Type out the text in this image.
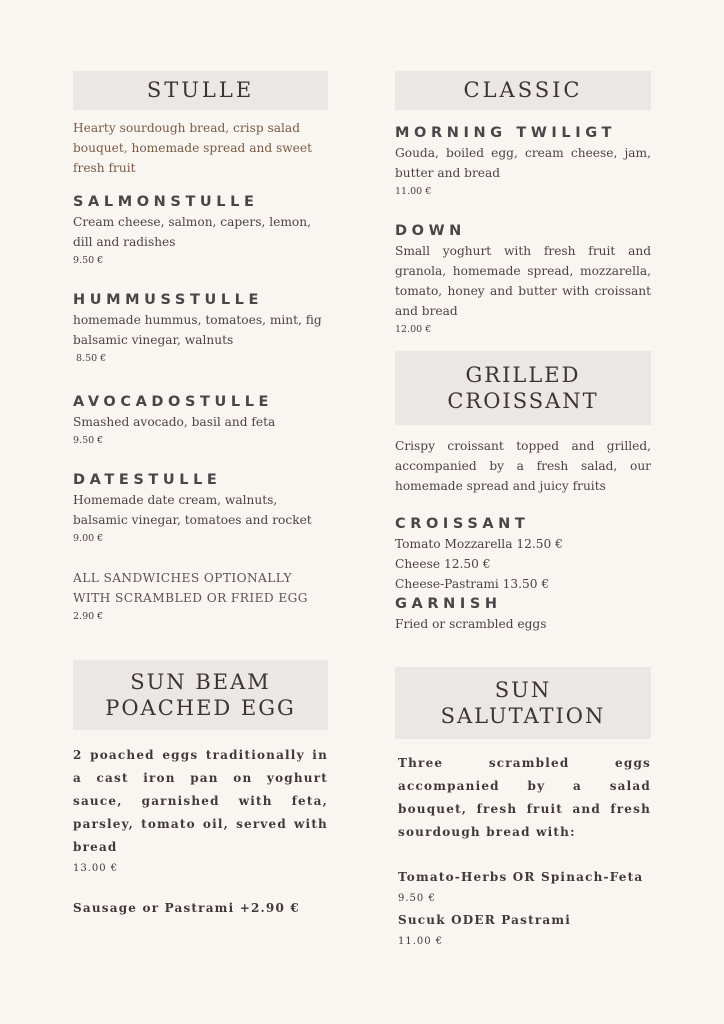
STULLE
Hearty sourdough bread, crisp salad bouquet, homemade spread and sweet fresh fruit
SALMONSTULLE
Cream cheese, salmon, capers, lemon, dill and radishes
9.50 €
HUMMUSSTULLE
homemade hummus, tomatoes, mint, fig balsamic vinegar, walnuts
8.50 €
AVOCADOSTULLE
Smashed avocado, basil and feta
9.50 €
DATESTULLE
Homemade date cream, walnuts, balsamic vinegar, tomatoes and rocket
9.00 €
ALL SANDWICHES OPTIONALLY WITH SCRAMBLED OR FRIED EGG
2.90 €
SUN BEAM
POACHED EGG
2 poached eggs traditionally in a cast iron pan on yoghurt sauce, garnished with feta, parsley, tomato oil, served with bread
13.00 €
Sausage or Pastrami +2.90 €
CLASSIC
MORNING TWILIGT
Gouda, boiled egg, cream cheese, jam, butter and bread
11.00 €
DOWN
Small yoghurt with fresh fruit and granola, homemade spread, mozzarella, tomato, honey and butter with croissant and bread
12.00 €
GRILLED
CROISSANT
Crispy croissant topped and grilled, accompanied by a fresh salad, our homemade spread and juicy fruits
CROISSANT
Tomato Mozzarella 12.50 €
Cheese 12.50 €
Cheese-Pastrami 13.50 €
GARNISH
Fried or scrambled eggs
SUN
SALUTATION
Three scrambled eggs accompanied by a salad bouquet, fresh fruit and fresh sourdough bread with:
Tomato-Herbs OR Spinach-Feta
9.50 €
Sucuk ODER Pastrami
11.00 €
